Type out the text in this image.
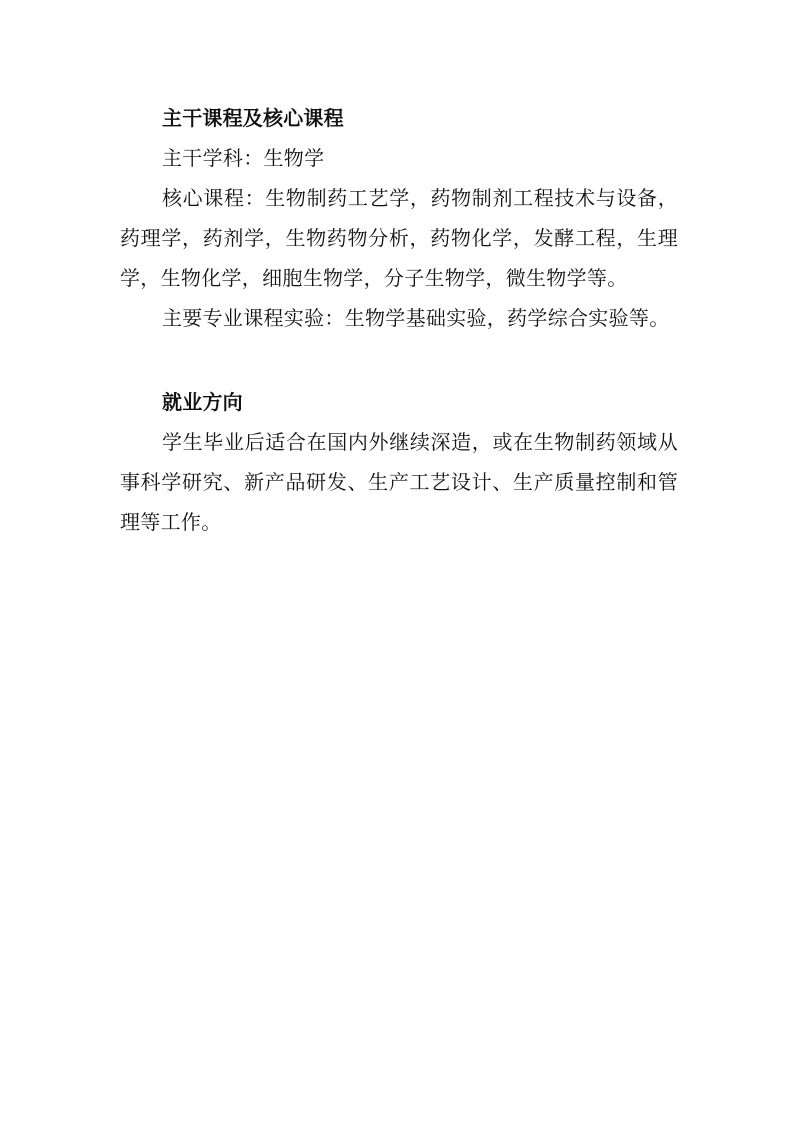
主干课程及核心课程

主干学科：生物学

核心课程：生物制药工艺学，药物制剂工程技术与设备，药理学，药剂学，生物药物分析，药物化学，发酵工程，生理学，生物化学，细胞生物学，分子生物学，微生物学等。

主要专业课程实验：生物学基础实验，药学综合实验等。

就业方向

学生毕业后适合在国内外继续深造，或在生物制药领域从事科学研究、新产品研发、生产工艺设计、生产质量控制和管理等工作。
